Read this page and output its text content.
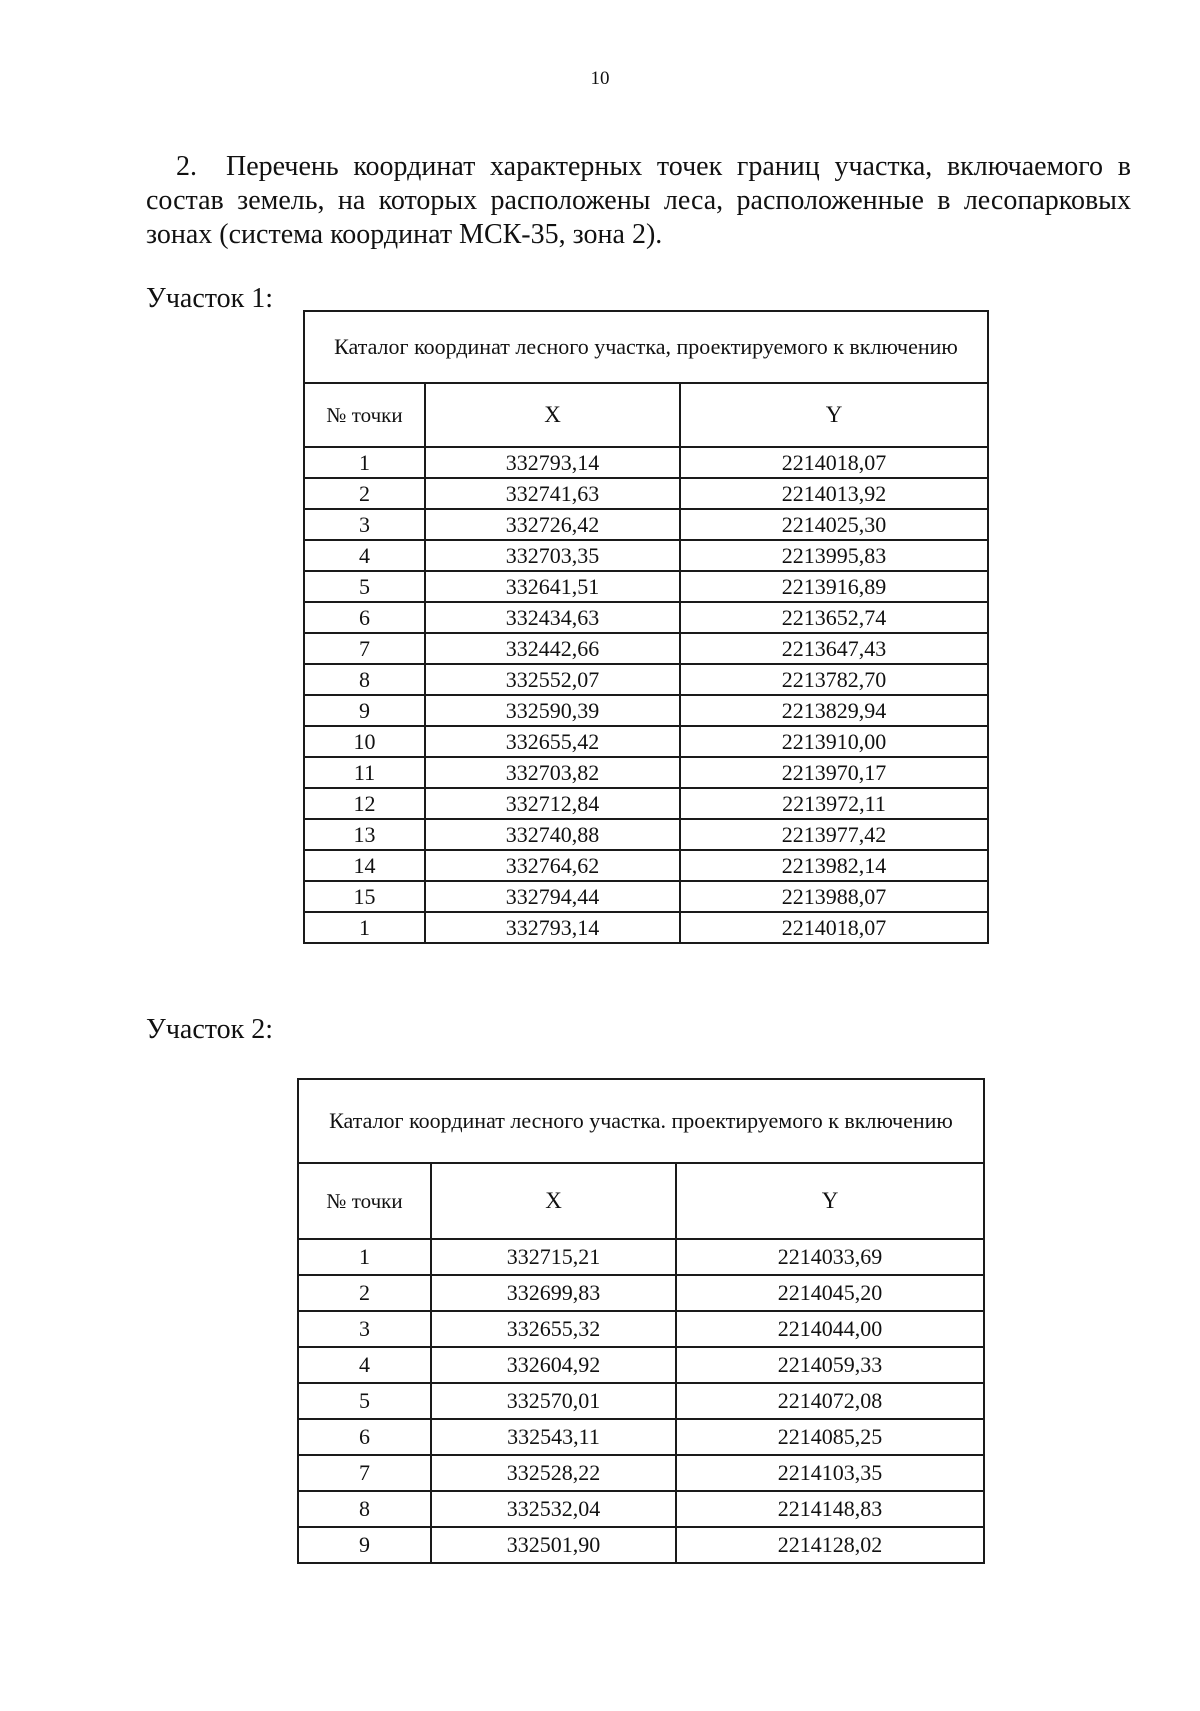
10

2. Перечень координат характерных точек границ участка, включаемого в состав земель, на которых расположены леса, расположенные в лесопарковых зонах (система координат МСК-35, зона 2).

Участок 1:

Каталог координат лесного участка, проектируемого к включению		
№ точки	X	Y
1	332793,14	2214018,07
2	332741,63	2214013,92
3	332726,42	2214025,30
4	332703,35	2213995,83
5	332641,51	2213916,89
6	332434,63	2213652,74
7	332442,66	2213647,43
8	332552,07	2213782,70
9	332590,39	2213829,94
10	332655,42	2213910,00
11	332703,82	2213970,17
12	332712,84	2213972,11
13	332740,88	2213977,42
14	332764,62	2213982,14
15	332794,44	2213988,07
1	332793,14	2214018,07

Участок 2:

Каталог координат лесного участка. проектируемого к включению		
№ точки	X	Y
1	332715,21	2214033,69
2	332699,83	2214045,20
3	332655,32	2214044,00
4	332604,92	2214059,33
5	332570,01	2214072,08
6	332543,11	2214085,25
7	332528,22	2214103,35
8	332532,04	2214148,83
9	332501,90	2214128,02
